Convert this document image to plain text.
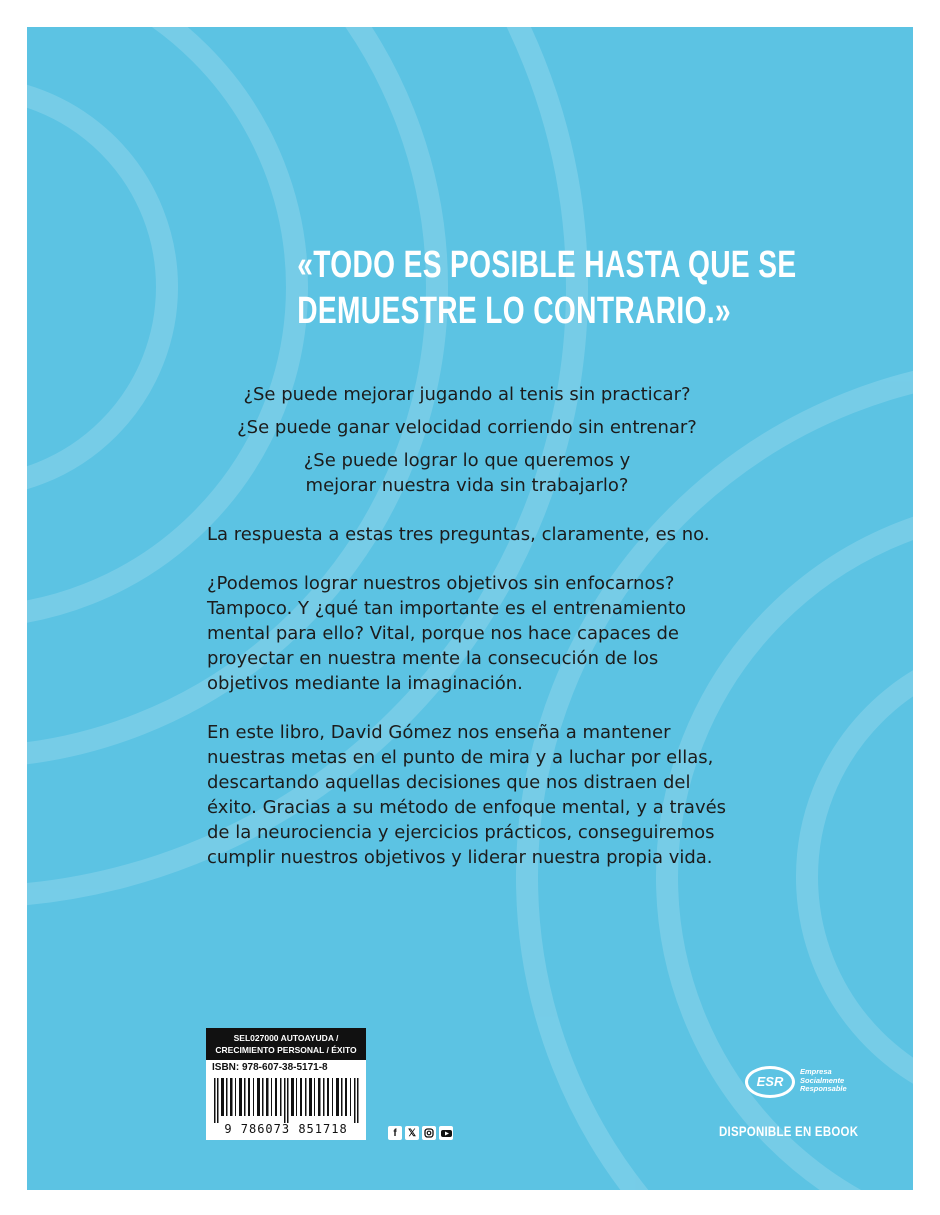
«TODO ES POSIBLE HASTA QUE SE
DEMUESTRE LO CONTRARIO.»

¿Se puede mejorar jugando al tenis sin practicar?

¿Se puede ganar velocidad corriendo sin entrenar?

¿Se puede lograr lo que queremos y mejorar nuestra vida sin trabajarlo?

La respuesta a estas tres preguntas, claramente, es no.

¿Podemos lograr nuestros objetivos sin enfocarnos? Tampoco. Y ¿qué tan importante es el entrenamiento mental para ello? Vital, porque nos hace capaces de proyectar en nuestra mente la consecución de los objetivos mediante la imaginación.

En este libro, David Gómez nos enseña a mantener nuestras metas en el punto de mira y a luchar por ellas, descartando aquellas decisiones que nos distraen del éxito. Gracias a su método de enfoque mental, y a través de la neurociencia y ejercicios prácticos, conseguiremos cumplir nuestros objetivos y liderar nuestra propia vida.

SEL027000 AUTOAYUDA /
CRECIMIENTO PERSONAL / ÉXITO
ISBN: 978-607-38-5171-8
9 786073 851718	f	𝕏
ESR
Empresa
Socialmente
Responsable
DISPONIBLE EN EBOOK
